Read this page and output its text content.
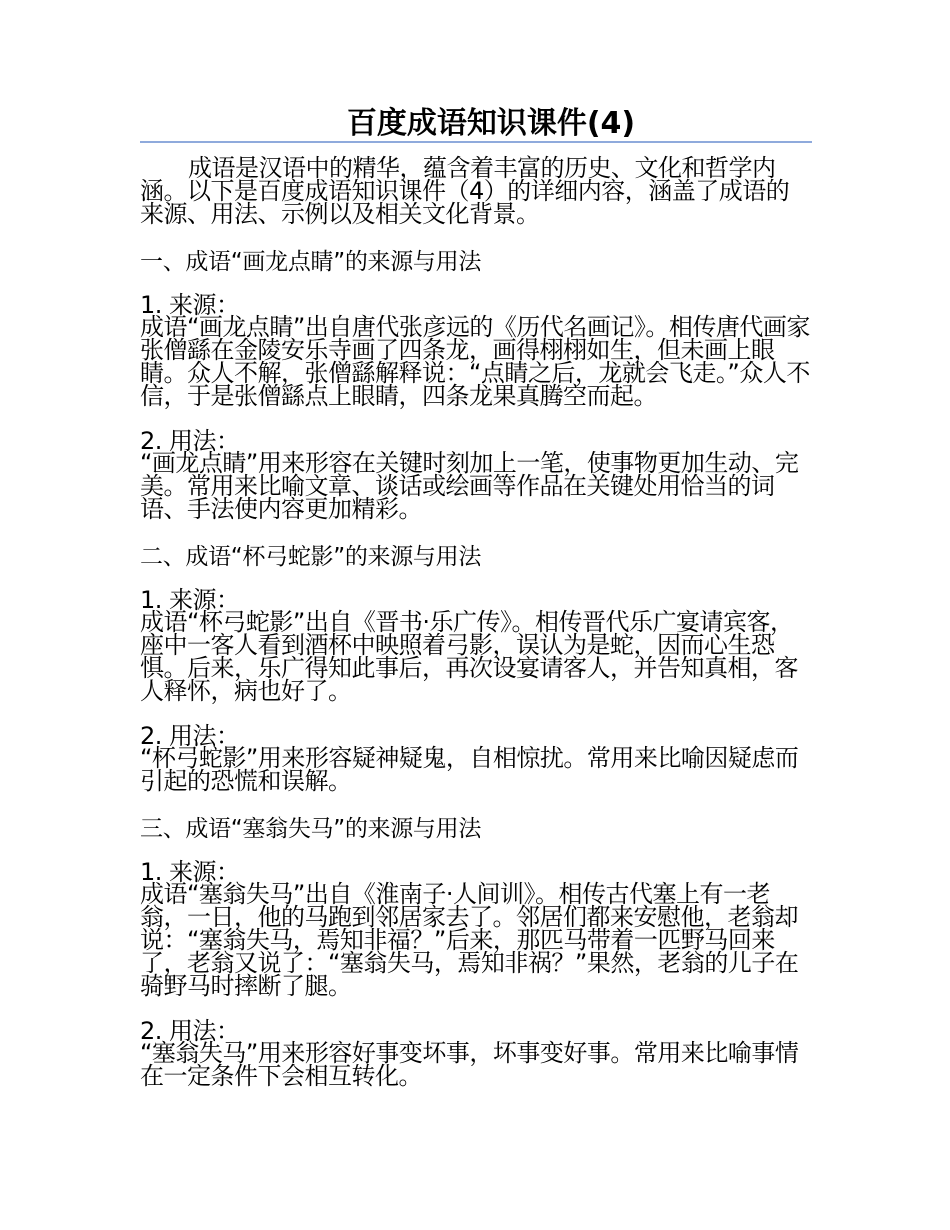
百度成语知识课件(4)

成语是汉语中的精华，蕴含着丰富的历史、文化和哲学内涵。以下是百度成语知识课件（4）的详细内容，涵盖了成语的来源、用法、示例以及相关文化背景。

一、成语“画龙点睛”的来源与用法

1. 来源：

成语“画龙点睛”出自唐代张彦远的《历代名画记》。相传唐代画家张僧繇在金陵安乐寺画了四条龙，画得栩栩如生，但未画上眼睛。众人不解，张僧繇解释说：“点睛之后，龙就会飞走。”众人不信，于是张僧繇点上眼睛，四条龙果真腾空而起。

2. 用法：

“画龙点睛”用来形容在关键时刻加上一笔，使事物更加生动、完美。常用来比喻文章、谈话或绘画等作品在关键处用恰当的词语、手法使内容更加精彩。

二、成语“杯弓蛇影”的来源与用法

1. 来源：

成语“杯弓蛇影”出自《晋书·乐广传》。相传晋代乐广宴请宾客，座中一客人看到酒杯中映照着弓影，误认为是蛇，因而心生恐惧。后来，乐广得知此事后，再次设宴请客人，并告知真相，客人释怀，病也好了。

2. 用法：

“杯弓蛇影”用来形容疑神疑鬼，自相惊扰。常用来比喻因疑虑而引起的恐慌和误解。

三、成语“塞翁失马”的来源与用法

1. 来源：

成语“塞翁失马”出自《淮南子·人间训》。相传古代塞上有一老翁，一日，他的马跑到邻居家去了。邻居们都来安慰他，老翁却说：“塞翁失马，焉知非福？”后来，那匹马带着一匹野马回来了，老翁又说了：“塞翁失马，焉知非祸？”果然，老翁的儿子在骑野马时摔断了腿。

2. 用法：

“塞翁失马”用来形容好事变坏事，坏事变好事。常用来比喻事情在一定条件下会相互转化。
